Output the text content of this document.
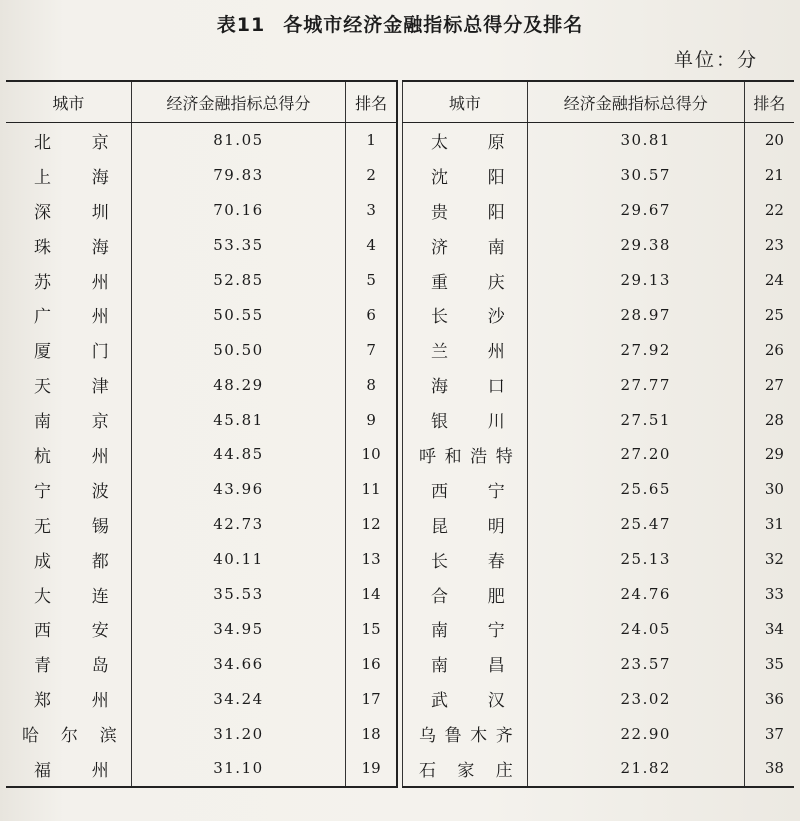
表11 各城市经济金融指标总得分及排名
单位：分
城市	经济金融指标总得分	排名

北京	81.05	1

上海	79.83	2

深圳	70.16	3

珠海	53.35	4

苏州	52.85	5

广州	50.55	6

厦门	50.50	7

天津	48.29	8

南京	45.81	9

杭州	44.85	10

宁波	43.96	11

无锡	42.73	12

成都	40.11	13

大连	35.53	14

西安	34.95	15

青岛	34.66	16

郑州	34.24	17

哈尔滨	31.20	18

福州	31.10	19
城市	经济金融指标总得分	排名

太原	30.81	20

沈阳	30.57	21

贵阳	29.67	22

济南	29.38	23

重庆	29.13	24

长沙	28.97	25

兰州	27.92	26

海口	27.77	27

银川	27.51	28

呼和浩特	27.20	29

西宁	25.65	30

昆明	25.47	31

长春	25.13	32

合肥	24.76	33

南宁	24.05	34

南昌	23.57	35

武汉	23.02	36

乌鲁木齐	22.90	37

石家庄	21.82	38
